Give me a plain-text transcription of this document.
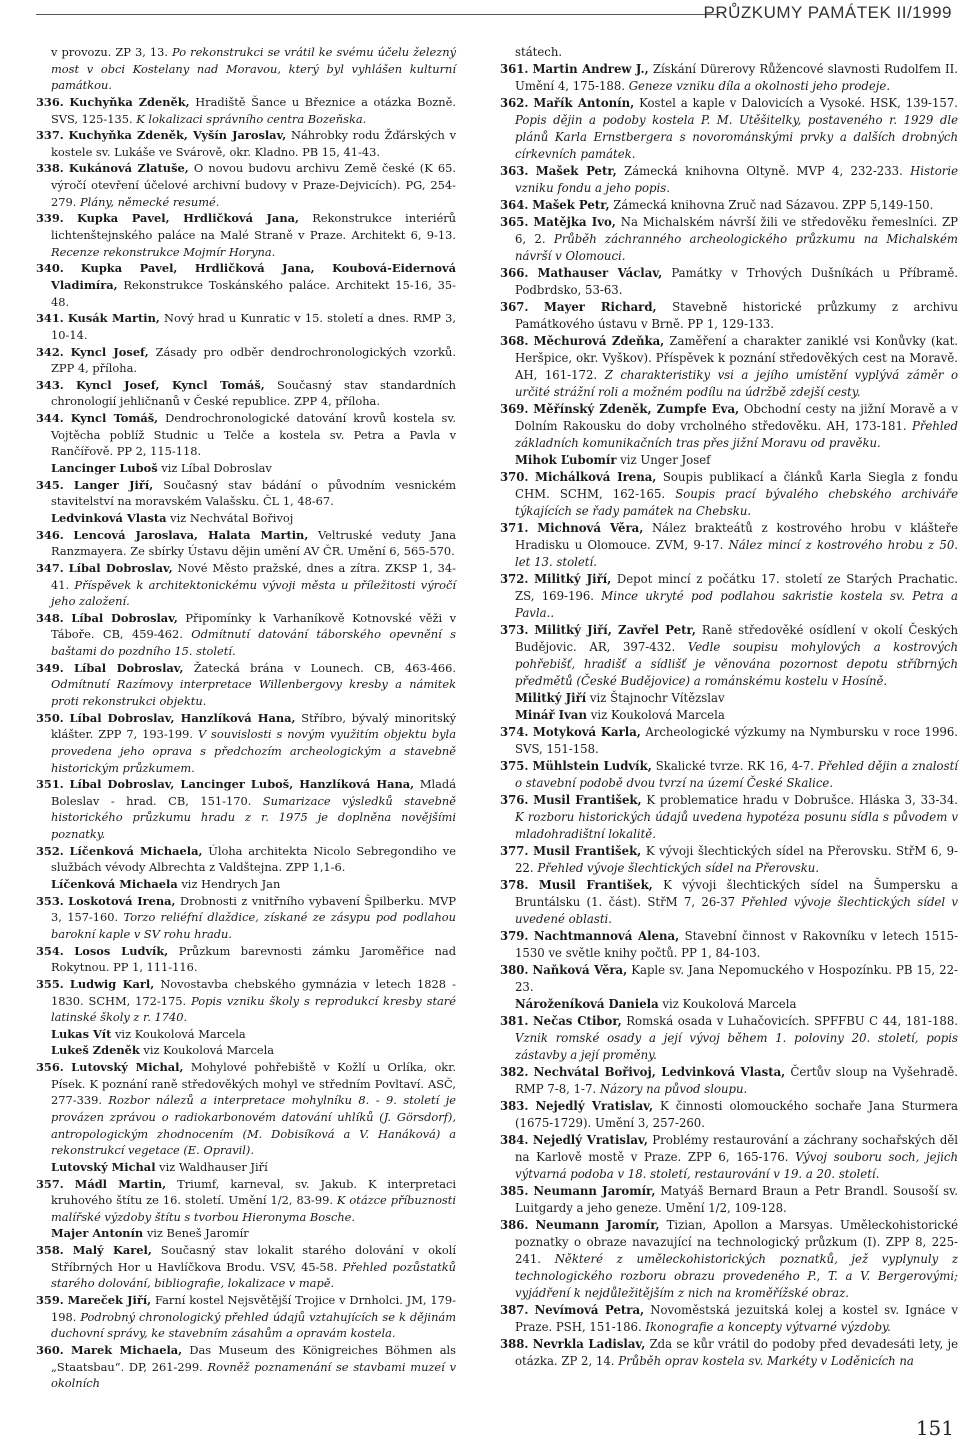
PRŮZKUMY PAMÁTEK II/1999

v provozu. ZP 3, 13. Po rekonstrukci se vrátil ke svému účelu železný most v obci Kostelany nad Moravou, který byl vyhlášen kulturní památkou.

336. Kuchyňka Zdeněk, Hradiště Šance u Březnice a otázka Bozně. SVS, 125-135. K lokalizaci správního centra Bozeňska.

337. Kuchyňka Zdeněk, Vyšín Jaroslav, Náhrobky rodu Žďárských v kostele sv. Lukáše ve Svárově, okr. Kladno. PB 15, 41-43.

338. Kukánová Zlatuše, O novou budovu archivu Země české (K 65. výročí otevření účelové archivní budovy v Praze-Dejvicích). PG, 254-279. Plány, německé resumé.

339. Kupka Pavel, Hrdličková Jana, Rekonstrukce interiérů lichtenštejnského paláce na Malé Straně v Praze. Architekt 6, 9-13. Recenze rekonstrukce Mojmír Horyna.

340. Kupka Pavel, Hrdličková Jana, Koubová-Eidernová Vladimíra, Rekonstrukce Toskánského paláce. Architekt 15-16, 35-48.

341. Kusák Martin, Nový hrad u Kunratic v 15. století a dnes. RMP 3, 10-14.

342. Kyncl Josef, Zásady pro odběr dendrochronologických vzorků. ZPP 4, příloha.

343. Kyncl Josef, Kyncl Tomáš, Současný stav standardních chronologií jehličnanů v České republice. ZPP 4, příloha.

344. Kyncl Tomáš, Dendrochronologické datování krovů kostela sv. Vojtěcha poblíž Studnic u Telče a kostela sv. Petra a Pavla v Rančířově. PP 2, 115-118.

Lancinger Luboš viz Líbal Dobroslav

345. Langer Jiří, Současný stav bádání o původním vesnickém stavitelství na moravském Valašsku. ČL 1, 48-67.

Ledvinková Vlasta viz Nechvátal Bořivoj

346. Lencová Jaroslava, Halata Martin, Veltruské veduty Jana Ranzmayera. Ze sbírky Ústavu dějin umění AV ČR. Umění 6, 565-570.

347. Líbal Dobroslav, Nové Město pražské, dnes a zítra. ZKSP 1, 34-41. Příspěvek k architektonickému vývoji města u příležitosti výročí jeho založení.

348. Líbal Dobroslav, Připomínky k Varhaníkově Kotnovské věži v Táboře. CB, 459-462. Odmítnutí datování táborského opevnění s baštami do pozdního 15. století.

349. Líbal Dobroslav, Žatecká brána v Lounech. CB, 463-466. Odmítnutí Razímovy interpretace Willenbergovy kresby a námitek proti rekonstrukci objektu.

350. Líbal Dobroslav, Hanzlíková Hana, Stříbro, bývalý minoritský klášter. ZPP 7, 193-199. V souvislosti s novým využitím objektu byla provedena jeho oprava s předchozím archeologickým a stavebně historickým průzkumem.

351. Líbal Dobroslav, Lancinger Luboš, Hanzlíková Hana, Mladá Boleslav - hrad. CB, 151-170. Sumarizace výsledků stavebně historického průzkumu hradu z r. 1975 je doplněna novějšími poznatky.

352. Líčenková Michaela, Úloha architekta Nicolo Sebregondiho ve službách vévody Albrechta z Valdštejna. ZPP 1,1-6.

Líčenková Michaela viz Hendrych Jan

353. Loskotová Irena, Drobnosti z vnitřního vybavení Špilberku. MVP 3, 157-160. Torzo reliéfní dlaždice, získané ze zásypu pod podlahou barokní kaple v SV rohu hradu.

354. Losos Ludvík, Průzkum barevnosti zámku Jaroměřice nad Rokytnou. PP 1, 111-116.

355. Ludwig Karl, Novostavba chebského gymnázia v letech 1828 - 1830. SCHM, 172-175. Popis vzniku školy s reprodukcí kresby staré latinské školy z r. 1740.

Lukas Vít viz Koukolová Marcela

Lukeš Zdeněk viz Koukolová Marcela

356. Lutovský Michal, Mohylové pohřebiště v Kožlí u Orlíka, okr. Písek. K poznání raně středověkých mohyl ve středním Povltaví. ASČ, 277-339. Rozbor nálezů a interpretace mohylníku 8. - 9. století je provázen zprávou o radiokarbonovém datování uhlíků (J. Görsdorf), antropologickým zhodnocením (M. Dobisíková a V. Hanáková) a rekonstrukcí vegetace (E. Opravil).

Lutovský Michal viz Waldhauser Jiří

357. Mádl Martin, Triumf, karneval, sv. Jakub. K interpretaci kruhového štítu ze 16. století. Umění 1/2, 83-99. K otázce příbuznosti malířské výzdoby štítu s tvorbou Hieronyma Bosche.

Majer Antonín viz Beneš Jaromír

358. Malý Karel, Současný stav lokalit starého dolování v okolí Stříbrných Hor u Havlíčkova Brodu. VSV, 45-58. Přehled pozůstatků starého dolování, bibliografie, lokalizace v mapě.

359. Mareček Jiří, Farní kostel Nejsvětější Trojice v Drnholci. JM, 179-198. Podrobný chronologický přehled údajů vztahujících se k dějinám duchovní správy, ke stavebním zásahům a opravám kostela.

360. Marek Michaela, Das Museum des Königreiches Böhmen als „Staatsbau“. DP, 261-299. Rovněž poznamenání se stavbami muzeí v okolních

státech.

361. Martin Andrew J., Získání Dürerovy Růžencové slavnosti Rudolfem II. Umění 4, 175-188. Geneze vzniku díla a okolnosti jeho prodeje.

362. Mařík Antonín, Kostel a kaple v Dalovicích a Vysoké. HSK, 139-157. Popis dějin a podoby kostela P. M. Utěšitelky, postaveného r. 1929 dle plánů Karla Ernstbergera s novorománskými prvky a dalších drobných církevních památek.

363. Mašek Petr, Zámecká knihovna Oltyně. MVP 4, 232-233. Historie vzniku fondu a jeho popis.

364. Mašek Petr, Zámecká knihovna Zruč nad Sázavou. ZPP 5,149-150.

365. Matějka Ivo, Na Michalském návrší žili ve středověku řemeslníci. ZP 6, 2. Průběh záchranného archeologického průzkumu na Michalském návrší v Olomouci.

366. Mathauser Václav, Památky v Trhových Dušníkách u Příbramě. Podbrdsko, 53-63.

367. Mayer Richard, Stavebně historické průzkumy z archivu Památkového ústavu v Brně. PP 1, 129-133.

368. Měchurová Zdeňka, Zaměření a charakter zaniklé vsi Konůvky (kat. Heršpice, okr. Vyškov). Příspěvek k poznání středověkých cest na Moravě. AH, 161-172. Z charakteristiky vsi a jejího umístění vyplývá záměr o určité strážní roli a možném podílu na údržbě zdejší cesty.

369. Měřínský Zdeněk, Zumpfe Eva, Obchodní cesty na jižní Moravě a v Dolním Rakousku do doby vrcholného středověku. AH, 173-181. Přehled základních komunikačních tras přes jižní Moravu od pravěku.

Mihok Ľubomír viz Unger Josef

370. Michálková Irena, Soupis publikací a článků Karla Siegla z fondu CHM. SCHM, 162-165. Soupis prací bývalého chebského archiváře týkajících se řady památek na Chebsku.

371. Michnová Věra, Nález brakteátů z kostrového hrobu v klášteře Hradisku u Olomouce. ZVM, 9-17. Nález mincí z kostrového hrobu z 50. let 13. století.

372. Militký Jiří, Depot mincí z počátku 17. století ze Starých Prachatic. ZS, 169-196. Mince ukryté pod podlahou sakristie kostela sv. Petra a Pavla..

373. Militký Jiří, Zavřel Petr, Raně středověké osídlení v okolí Českých Budějovic. AR, 397-432. Vedle soupisu mohylových a kostrových pohřebišť, hradišť a sídlišť je věnována pozornost depotu stříbrných předmětů (České Budějovice) a románskému kostelu v Hosíně.

Militký Jiří viz Štajnochr Vítězslav

Minář Ivan viz Koukolová Marcela

374. Motyková Karla, Archeologické výzkumy na Nymbursku v roce 1996. SVS, 151-158.

375. Mühlstein Ludvík, Skalické tvrze. RK 16, 4-7. Přehled dějin a znalostí o stavební podobě dvou tvrzí na území České Skalice.

376. Musil František, K problematice hradu v Dobrušce. Hláska 3, 33-34. K rozboru historických údajů uvedena hypotéza posunu sídla s původem v mladohradištní lokalitě.

377. Musil František, K vývoji šlechtických sídel na Přerovsku. StřM 6, 9-22. Přehled vývoje šlechtických sídel na Přerovsku.

378. Musil František, K vývoji šlechtických sídel na Šumpersku a Bruntálsku (1. část). StřM 7, 26-37 Přehled vývoje šlechtických sídel v uvedené oblasti.

379. Nachtmannová Alena, Stavební činnost v Rakovníku v letech 1515-1530 ve světle knihy počtů. PP 1, 84-103.

380. Naňková Věra, Kaple sv. Jana Nepomuckého v Hospozínku. PB 15, 22-23.

Nároženíková Daniela viz Koukolová Marcela

381. Nečas Ctibor, Romská osada v Luhačovicích. SPFFBU C 44, 181-188. Vznik romské osady a její vývoj během 1. poloviny 20. století, popis zástavby a její proměny.

382. Nechvátal Bořivoj, Ledvinková Vlasta, Čertův sloup na Vyšehradě. RMP 7-8, 1-7. Názory na původ sloupu.

383. Nejedlý Vratislav, K činnosti olomouckého sochaře Jana Sturmera (1675-1729). Umění 3, 257-260.

384. Nejedlý Vratislav, Problémy restaurování a záchrany sochařských děl na Karlově mostě v Praze. ZPP 6, 165-176. Vývoj souboru soch, jejich výtvarná podoba v 18. století, restaurování v 19. a 20. století.

385. Neumann Jaromír, Matyáš Bernard Braun a Petr Brandl. Sousoší sv. Luitgardy a jeho geneze. Umění 1/2, 109-128.

386. Neumann Jaromír, Tizian, Apollon a Marsyas. Uměleckohistorické poznatky o obraze navazující na technologický průzkum (I). ZPP 8, 225-241. Některé z uměleckohistorických poznatků, jež vyplynuly z technologického rozboru obrazu provedeného P., T. a V. Bergerovými; vyjádření k nejdůležitějším z nich na kroměřížské obraz.

387. Nevímová Petra, Novoměstská jezuitská kolej a kostel sv. Ignáce v Praze. PSH, 151-186. Ikonografie a koncepty výtvarné výzdoby.

388. Nevrkla Ladislav, Zda se kůr vrátil do podoby před devadesáti lety, je otázka. ZP 2, 14. Průběh oprav kostela sv. Markéty v Loděnicích na

151
